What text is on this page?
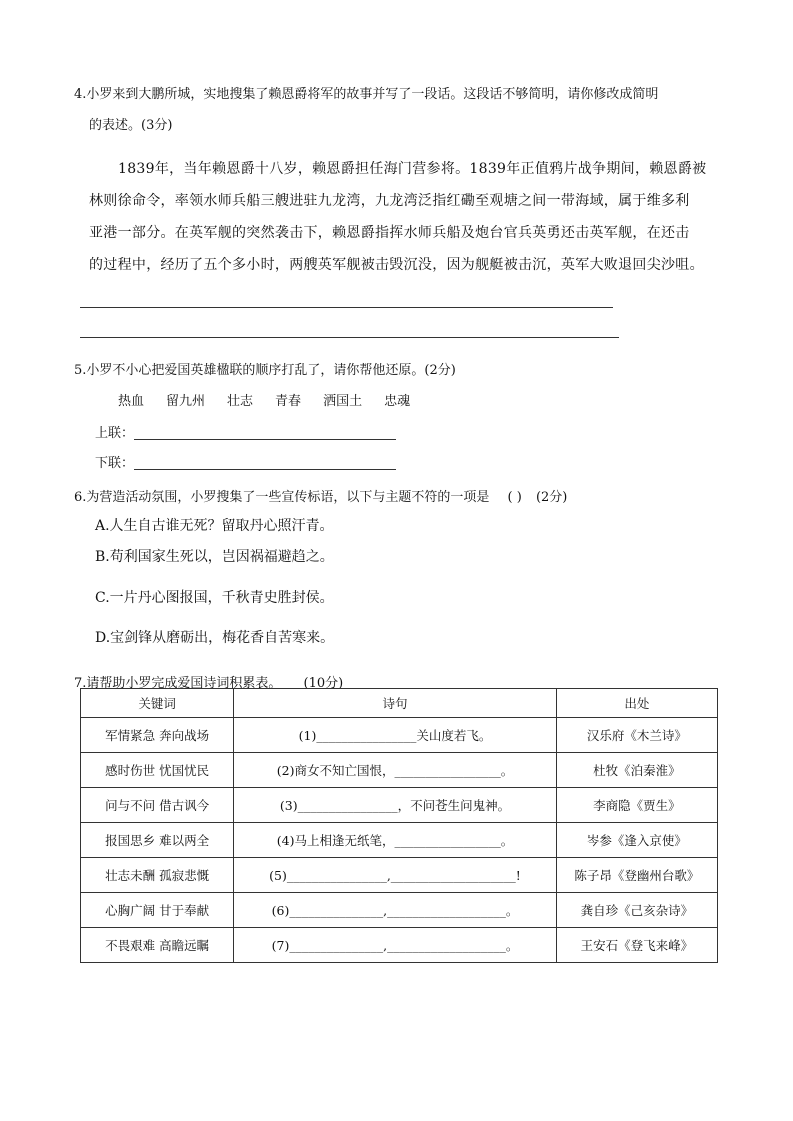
4.小罗来到大鹏所城，实地搜集了赖恩爵将军的故事并写了一段话。这段话不够简明，请你修改成简明
的表述。(3分)
1839年，当年赖恩爵十八岁，赖恩爵担任海门营参将。1839年正值鸦片战争期间，赖恩爵被
林则徐命令，率领水师兵船三艘进驻九龙湾，九龙湾泛指红磡至观塘之间一带海域，属于维多利
亚港一部分。在英军舰的突然袭击下，赖恩爵指挥水师兵船及炮台官兵英勇还击英军舰，在还击
的过程中，经历了五个多小时，两艘英军舰被击毁沉没，因为舰艇被击沉，英军大败退回尖沙咀。
5.小罗不小心把爱国英雄楹联的顺序打乱了，请你帮他还原。(2分)
热血 留九州 壮志 青春 洒国土 忠魂
上联：
下联：
6.为营造活动氛围，小罗搜集了一些宣传标语，以下与主题不符的一项是 ( ) (2分)
A.人生自古谁无死？留取丹心照汗青。
B.苟利国家生死以，岂因祸福避趋之。
C.一片丹心图报国，千秋青史胜封侯。
D.宝剑锋从磨砺出，梅花香自苦寒来。
7.请帮助小罗完成爱国诗词积累表。 (10分)
关键词	诗句	出处
军情紧急 奔向战场	(1)________________关山度若飞。	汉乐府《木兰诗》
感时伤世 忧国忧民	(2)商女不知亡国恨，_________________。	杜牧《泊秦淮》
问与不问 借古讽今	(3)________________，不问苍生问鬼神。	李商隐《贾生》
报国思乡 难以两全	(4)马上相逢无纸笔，_________________。	岑参《逢入京使》
壮志未酬 孤寂悲慨	(5)________________,____________________!	陈子昂《登幽州台歌》
心胸广阔 甘于奉献	(6)_______________,___________________。	龚自珍《己亥杂诗》
不畏艰难 高瞻远瞩	(7)_______________,___________________。	王安石《登飞来峰》
